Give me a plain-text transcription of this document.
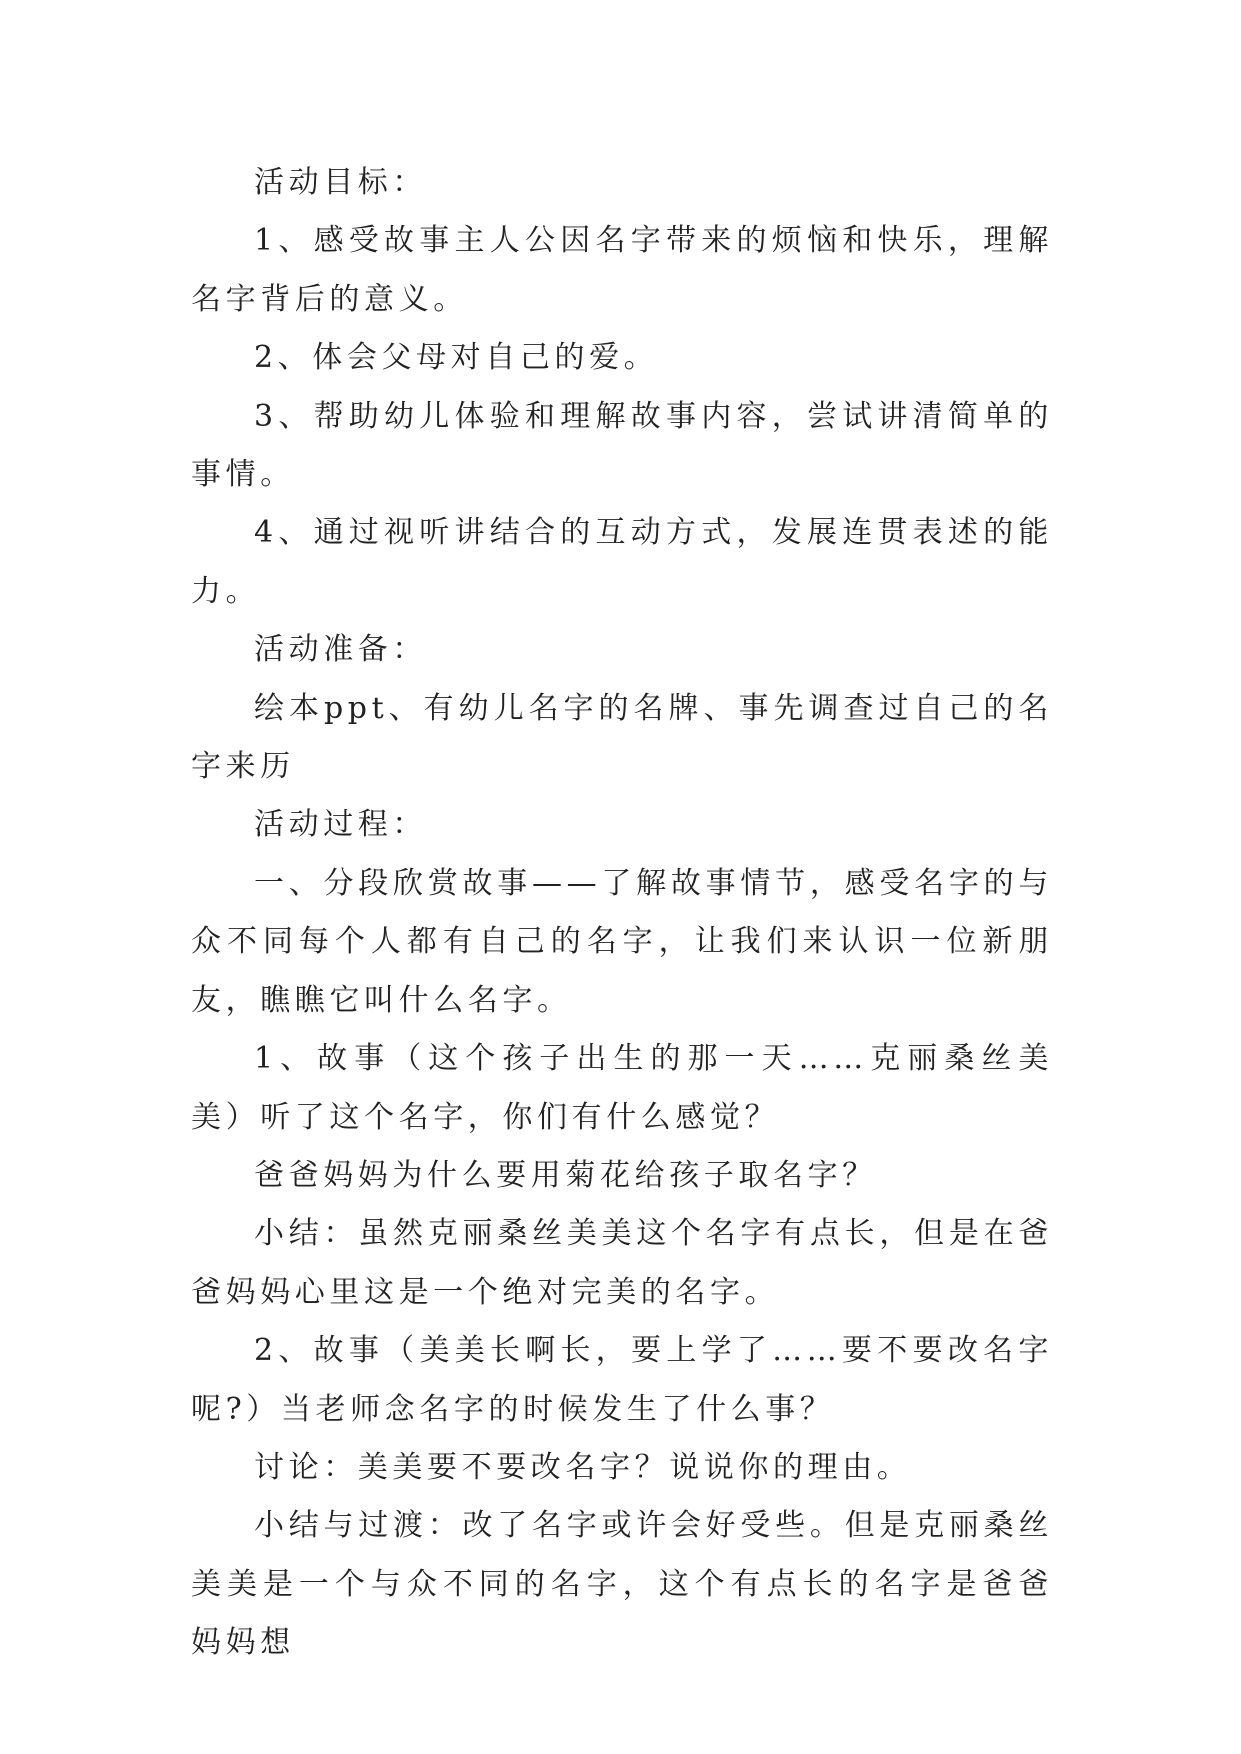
活动目标：

1、感受故事主人公因名字带来的烦恼和快乐，理解名字背后的意义。

2、体会父母对自己的爱。

3、帮助幼儿体验和理解故事内容，尝试讲清简单的事情。

4、通过视听讲结合的互动方式，发展连贯表述的能力。

活动准备：

绘本ppt、有幼儿名字的名牌、事先调查过自己的名字来历

活动过程：

一、分段欣赏故事——了解故事情节，感受名字的与众不同每个人都有自己的名字，让我们来认识一位新朋友，瞧瞧它叫什么名字。

1、故事（这个孩子出生的那一天……克丽桑丝美美）听了这个名字，你们有什么感觉？

爸爸妈妈为什么要用菊花给孩子取名字？

小结：虽然克丽桑丝美美这个名字有点长，但是在爸爸妈妈心里这是一个绝对完美的名字。

2、故事（美美长啊长，要上学了……要不要改名字呢?）当老师念名字的时候发生了什么事？

讨论：美美要不要改名字？说说你的理由。

小结与过渡：改了名字或许会好受些。但是克丽桑丝美美是一个与众不同的名字，这个有点长的名字是爸爸妈妈想
